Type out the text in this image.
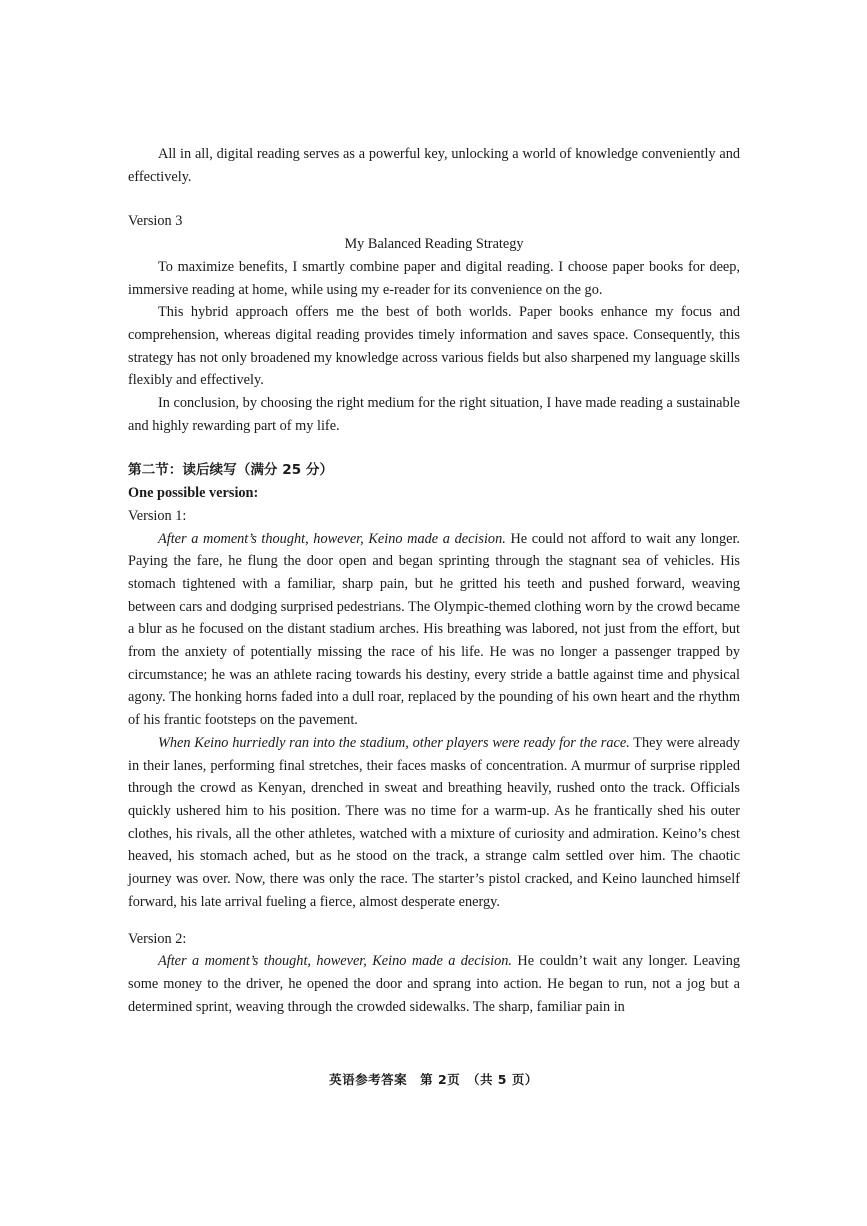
All in all, digital reading serves as a powerful key, unlocking a world of knowledge conveniently and effectively.

Version 3

My Balanced Reading Strategy

To maximize benefits, I smartly combine paper and digital reading. I choose paper books for deep, immersive reading at home, while using my e-reader for its convenience on the go.

This hybrid approach offers me the best of both worlds. Paper books enhance my focus and comprehension, whereas digital reading provides timely information and saves space. Consequently, this strategy has not only broadened my knowledge across various fields but also sharpened my language skills flexibly and effectively.

In conclusion, by choosing the right medium for the right situation, I have made reading a sustainable and highly rewarding part of my life.

第二节：读后续写（满分 25 分）

One possible version:

Version 1:

After a moment’s thought, however, Keino made a decision. He could not afford to wait any longer. Paying the fare, he flung the door open and began sprinting through the stagnant sea of vehicles. His stomach tightened with a familiar, sharp pain, but he gritted his teeth and pushed forward, weaving between cars and dodging surprised pedestrians. The Olympic-themed clothing worn by the crowd became a blur as he focused on the distant stadium arches. His breathing was labored, not just from the effort, but from the anxiety of potentially missing the race of his life. He was no longer a passenger trapped by circumstance; he was an athlete racing towards his destiny, every stride a battle against time and physical agony. The honking horns faded into a dull roar, replaced by the pounding of his own heart and the rhythm of his frantic footsteps on the pavement.

When Keino hurriedly ran into the stadium, other players were ready for the race. They were already in their lanes, performing final stretches, their faces masks of concentration. A murmur of surprise rippled through the crowd as Kenyan, drenched in sweat and breathing heavily, rushed onto the track. Officials quickly ushered him to his position. There was no time for a warm-up. As he frantically shed his outer clothes, his rivals, all the other athletes, watched with a mixture of curiosity and admiration. Keino’s chest heaved, his stomach ached, but as he stood on the track, a strange calm settled over him. The chaotic journey was over. Now, there was only the race. The starter’s pistol cracked, and Keino launched himself forward, his late arrival fueling a fierce, almost desperate energy.

Version 2:

After a moment’s thought, however, Keino made a decision. He couldn’t wait any longer. Leaving some money to the driver, he opened the door and sprang into action. He began to run, not a jog but a determined sprint, weaving through the crowded sidewalks. The sharp, familiar pain in

英语参考答案　第 2页　（共 5 页）
